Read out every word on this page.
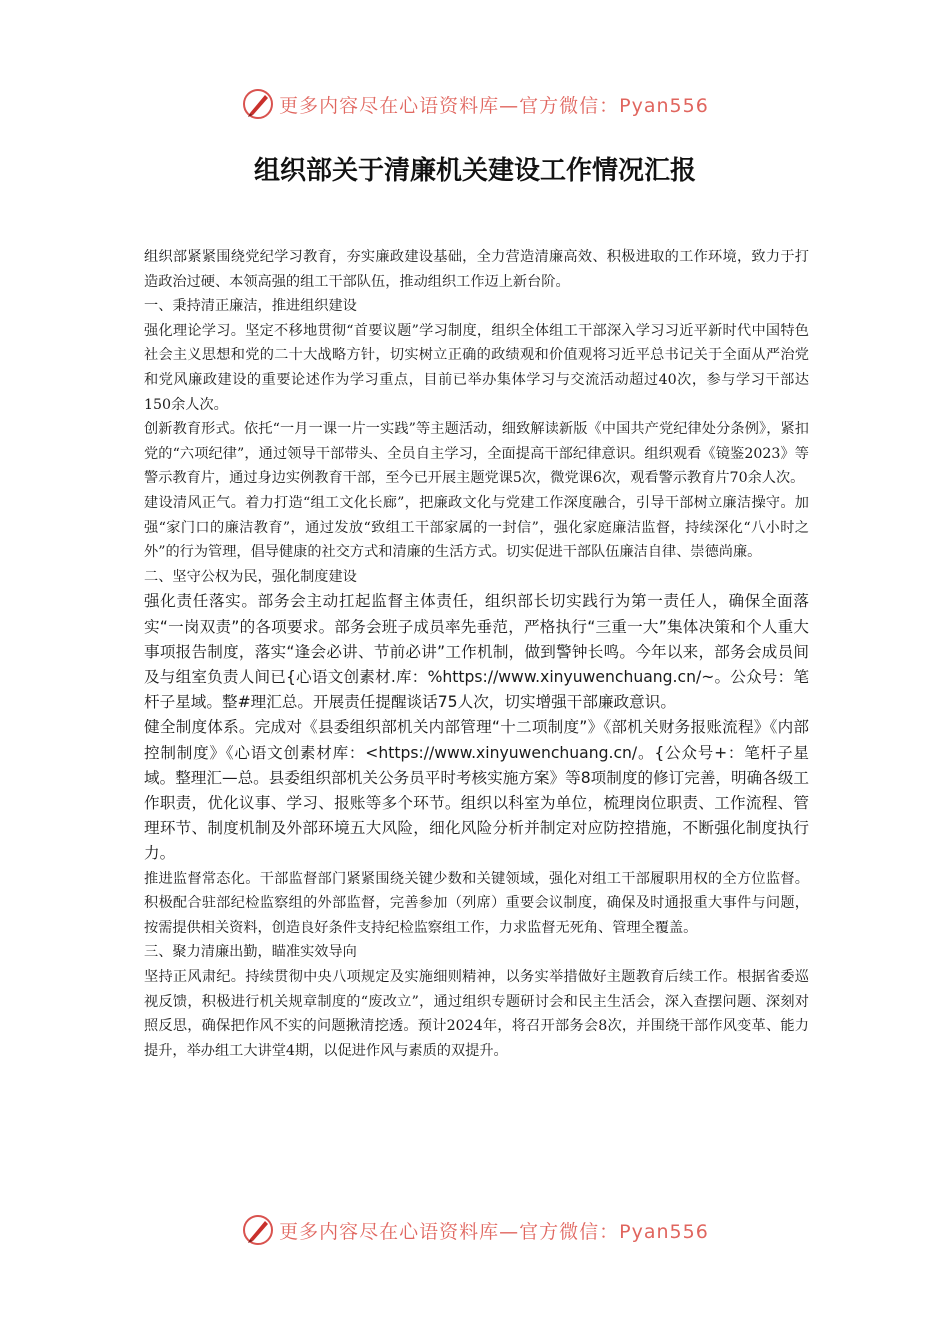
更多内容尽在心语资料库—官方微信：Pyan556
组织部关于清廉机关建设工作情况汇报

组织部紧紧围绕党纪学习教育，夯实廉政建设基础，全力营造清廉高效、积极进取的工作环境，致力于打造政治过硬、本领高强的组工干部队伍，推动组织工作迈上新台阶。

一、秉持清正廉洁，推进组织建设

强化理论学习。坚定不移地贯彻“首要议题”学习制度，组织全体组工干部深入学习习近平新时代中国特色社会主义思想和党的二十大战略方针，切实树立正确的政绩观和价值观将习近平总书记关于全面从严治党和党风廉政建设的重要论述作为学习重点，目前已举办集体学习与交流活动超过40次，参与学习干部达150余人次。

创新教育形式。依托“一月一课一片一实践”等主题活动，细致解读新版《中国共产党纪律处分条例》，紧扣党的“六项纪律”，通过领导干部带头、全员自主学习，全面提高干部纪律意识。组织观看《镜鉴2023》等警示教育片，通过身边实例教育干部，至今已开展主题党课5次，微党课6次，观看警示教育片70余人次。

建设清风正气。着力打造“组工文化长廊”，把廉政文化与党建工作深度融合，引导干部树立廉洁操守。加强“家门口的廉洁教育”，通过发放“致组工干部家属的一封信”，强化家庭廉洁监督，持续深化“八小时之外”的行为管理，倡导健康的社交方式和清廉的生活方式。切实促进干部队伍廉洁自律、崇德尚廉。

二、坚守公权为民，强化制度建设

强化责任落实。部务会主动扛起监督主体责任，组织部长切实践行为第一责任人，确保全面落实“一岗双责”的各项要求。部务会班子成员率先垂范，严格执行“三重一大”集体决策和个人重大事项报告制度，落实“逢会必讲、节前必讲”工作机制，做到警钟长鸣。今年以来，部务会成员间及与组室负责人间已{心语文创素材.库：%https://www.xinyuwenchuang.cn/~。公众号：笔杆子星域。整#理汇总。开展责任提醒谈话75人次，切实增强干部廉政意识。

健全制度体系。完成对《县委组织部机关内部管理“十二项制度”》《部机关财务报账流程》《内部控制制度》《心语文创素材库：<https://www.xinyuwenchuang.cn/。{公众号+：笔杆子星域。整理汇—总。县委组织部机关公务员平时考核实施方案》等8项制度的修订完善，明确各级工作职责，优化议事、学习、报账等多个环节。组织以科室为单位，梳理岗位职责、工作流程、管理环节、制度机制及外部环境五大风险，细化风险分析并制定对应防控措施，不断强化制度执行力。

推进监督常态化。干部监督部门紧紧围绕关键少数和关键领域，强化对组工干部履职用权的全方位监督。积极配合驻部纪检监察组的外部监督，完善参加（列席）重要会议制度，确保及时通报重大事件与问题，按需提供相关资料，创造良好条件支持纪检监察组工作，力求监督无死角、管理全覆盖。

三、聚力清廉出勤，瞄准实效导向

坚持正风肃纪。持续贯彻中央八项规定及实施细则精神，以务实举措做好主题教育后续工作。根据省委巡视反馈，积极进行机关规章制度的“废改立”，通过组织专题研讨会和民主生活会，深入查摆问题、深刻对照反思，确保把作风不实的问题揪清挖透。预计2024年，将召开部务会8次，并围绕干部作风变革、能力提升，举办组工大讲堂4期，以促进作风与素质的双提升。

更多内容尽在心语资料库—官方微信：Pyan556
